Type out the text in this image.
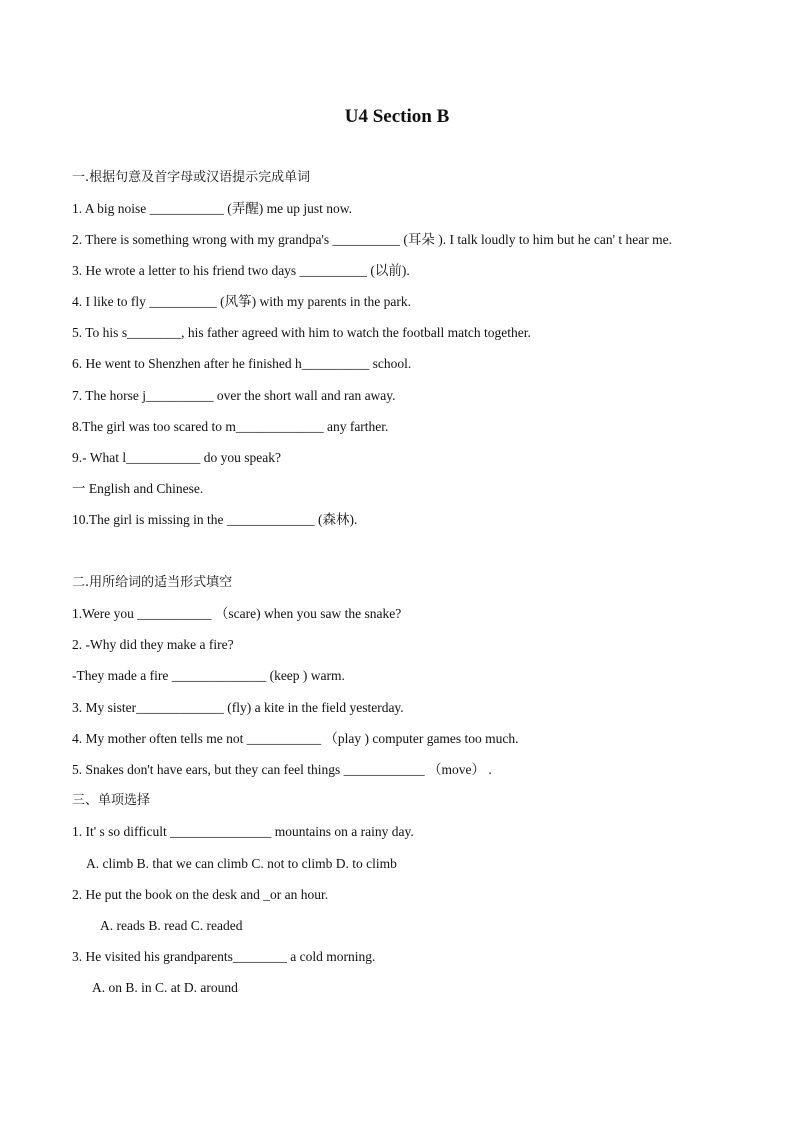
U4 Section B
一.根据句意及首字母或汉语提示完成单词
1. A big noise ___________ (弄醒) me up just now.
2. There is something wrong with my grandpa's __________ (耳朵 ). I talk loudly to him but he can' t hear me.
3. He wrote a letter to his friend two days __________ (以前).
4. I like to fly __________ (风筝) with my parents in the park.
5. To his s________, his father agreed with him to watch the football match together.
6. He went to Shenzhen after he finished h__________ school.
7. The horse j__________ over the short wall and ran away.
8.The girl was too scared to m_____________ any farther.
9.- What l___________ do you speak?
一 English and Chinese.
10.The girl is missing in the _____________ (森林).
二.用所给词的适当形式填空
1.Were you ___________ （scare) when you saw the snake?
2. -Why did they make a fire?
-They made a fire ______________ (keep ) warm.
3. My sister_____________ (fly) a kite in the field yesterday.
4. My mother often tells me not ___________ （play ) computer games too much.
5. Snakes don't have ears, but they can feel things ____________ （move） .
三、单项选择
1. It' s so difficult _______________ mountains on a rainy day.
A. climb B. that we can climb C. not to climb D. to climb
2. He put the book on the desk and _or an hour.
A. reads B. read C. readed
3. He visited his grandparents________ a cold morning.
A. on B. in C. at D. around
